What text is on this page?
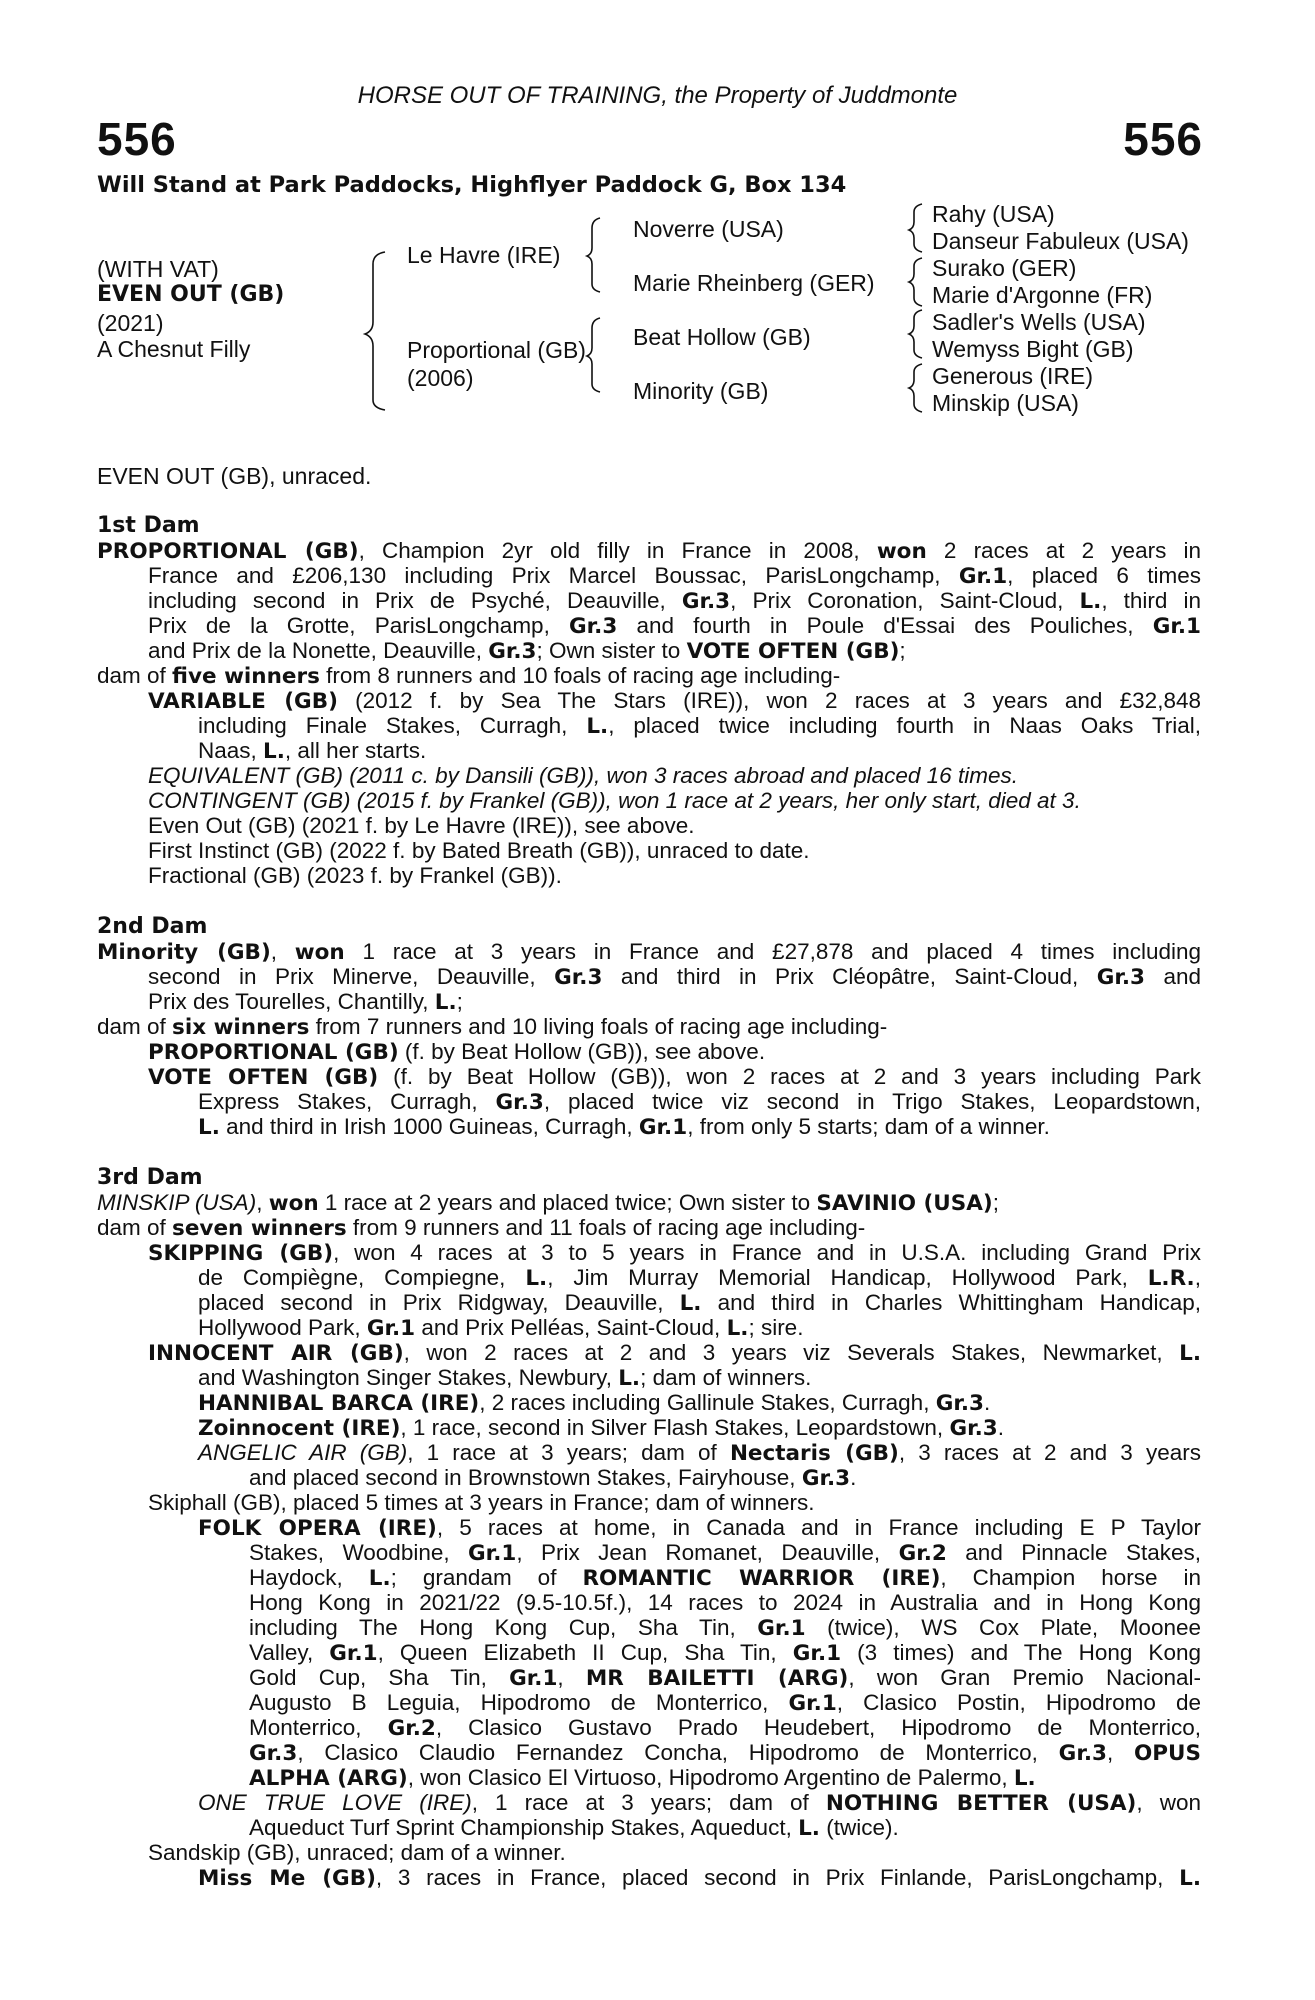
HORSE OUT OF TRAINING, the Property of Juddmonte
556	556
Will Stand at Park Paddocks, Highflyer Paddock G, Box 134
(WITH VAT)
EVEN OUT (GB)
(2021)
A Chesnut Filly
Le Havre (IRE)
Proportional (GB)
(2006)
Noverre (USA)
Marie Rheinberg (GER)
Beat Hollow (GB)
Minority (GB)
Rahy (USA)
Danseur Fabuleux (USA)
Surako (GER)
Marie d'Argonne (FR)
Sadler's Wells (USA)
Wemyss Bight (GB)
Generous (IRE)
Minskip (USA)
EVEN OUT (GB), unraced.
1st Dam
PROPORTIONAL (GB), Champion 2yr old filly in France in 2008, won 2 races at 2 years in
France and £206,130 including Prix Marcel Boussac, ParisLongchamp, Gr.1, placed 6 times
including second in Prix de Psyché, Deauville, Gr.3, Prix Coronation, Saint-Cloud, L., third in
Prix de la Grotte, ParisLongchamp, Gr.3 and fourth in Poule d'Essai des Pouliches, Gr.1
and Prix de la Nonette, Deauville, Gr.3; Own sister to VOTE OFTEN (GB);
dam of five winners from 8 runners and 10 foals of racing age including-
VARIABLE (GB) (2012 f. by Sea The Stars (IRE)), won 2 races at 3 years and £32,848
including Finale Stakes, Curragh, L., placed twice including fourth in Naas Oaks Trial,
Naas, L., all her starts.
EQUIVALENT (GB) (2011 c. by Dansili (GB)), won 3 races abroad and placed 16 times.
CONTINGENT (GB) (2015 f. by Frankel (GB)), won 1 race at 2 years, her only start, died at 3.
Even Out (GB) (2021 f. by Le Havre (IRE)), see above.
First Instinct (GB) (2022 f. by Bated Breath (GB)), unraced to date.
Fractional (GB) (2023 f. by Frankel (GB)).
2nd Dam
Minority (GB), won 1 race at 3 years in France and £27,878 and placed 4 times including
second in Prix Minerve, Deauville, Gr.3 and third in Prix Cléopâtre, Saint-Cloud, Gr.3 and
Prix des Tourelles, Chantilly, L.;
dam of six winners from 7 runners and 10 living foals of racing age including-
PROPORTIONAL (GB) (f. by Beat Hollow (GB)), see above.
VOTE OFTEN (GB) (f. by Beat Hollow (GB)), won 2 races at 2 and 3 years including Park
Express Stakes, Curragh, Gr.3, placed twice viz second in Trigo Stakes, Leopardstown,
L. and third in Irish 1000 Guineas, Curragh, Gr.1, from only 5 starts; dam of a winner.
3rd Dam
MINSKIP (USA), won 1 race at 2 years and placed twice; Own sister to SAVINIO (USA);
dam of seven winners from 9 runners and 11 foals of racing age including-
SKIPPING (GB), won 4 races at 3 to 5 years in France and in U.S.A. including Grand Prix
de Compiègne, Compiegne, L., Jim Murray Memorial Handicap, Hollywood Park, L.R.,
placed second in Prix Ridgway, Deauville, L. and third in Charles Whittingham Handicap,
Hollywood Park, Gr.1 and Prix Pelléas, Saint-Cloud, L.; sire.
INNOCENT AIR (GB), won 2 races at 2 and 3 years viz Severals Stakes, Newmarket, L.
and Washington Singer Stakes, Newbury, L.; dam of winners.
HANNIBAL BARCA (IRE), 2 races including Gallinule Stakes, Curragh, Gr.3.
Zoinnocent (IRE), 1 race, second in Silver Flash Stakes, Leopardstown, Gr.3.
ANGELIC AIR (GB), 1 race at 3 years; dam of Nectaris (GB), 3 races at 2 and 3 years
and placed second in Brownstown Stakes, Fairyhouse, Gr.3.
Skiphall (GB), placed 5 times at 3 years in France; dam of winners.
FOLK OPERA (IRE), 5 races at home, in Canada and in France including E P Taylor
Stakes, Woodbine, Gr.1, Prix Jean Romanet, Deauville, Gr.2 and Pinnacle Stakes,
Haydock, L.; grandam of ROMANTIC WARRIOR (IRE), Champion horse in
Hong Kong in 2021/22 (9.5-10.5f.), 14 races to 2024 in Australia and in Hong Kong
including The Hong Kong Cup, Sha Tin, Gr.1 (twice), WS Cox Plate, Moonee
Valley, Gr.1, Queen Elizabeth II Cup, Sha Tin, Gr.1 (3 times) and The Hong Kong
Gold Cup, Sha Tin, Gr.1, MR BAILETTI (ARG), won Gran Premio Nacional-
Augusto B Leguia, Hipodromo de Monterrico, Gr.1, Clasico Postin, Hipodromo de
Monterrico, Gr.2, Clasico Gustavo Prado Heudebert, Hipodromo de Monterrico,
Gr.3, Clasico Claudio Fernandez Concha, Hipodromo de Monterrico, Gr.3, OPUS
ALPHA (ARG), won Clasico El Virtuoso, Hipodromo Argentino de Palermo, L.
ONE TRUE LOVE (IRE), 1 race at 3 years; dam of NOTHING BETTER (USA), won
Aqueduct Turf Sprint Championship Stakes, Aqueduct, L. (twice).
Sandskip (GB), unraced; dam of a winner.
Miss Me (GB), 3 races in France, placed second in Prix Finlande, ParisLongchamp, L.
